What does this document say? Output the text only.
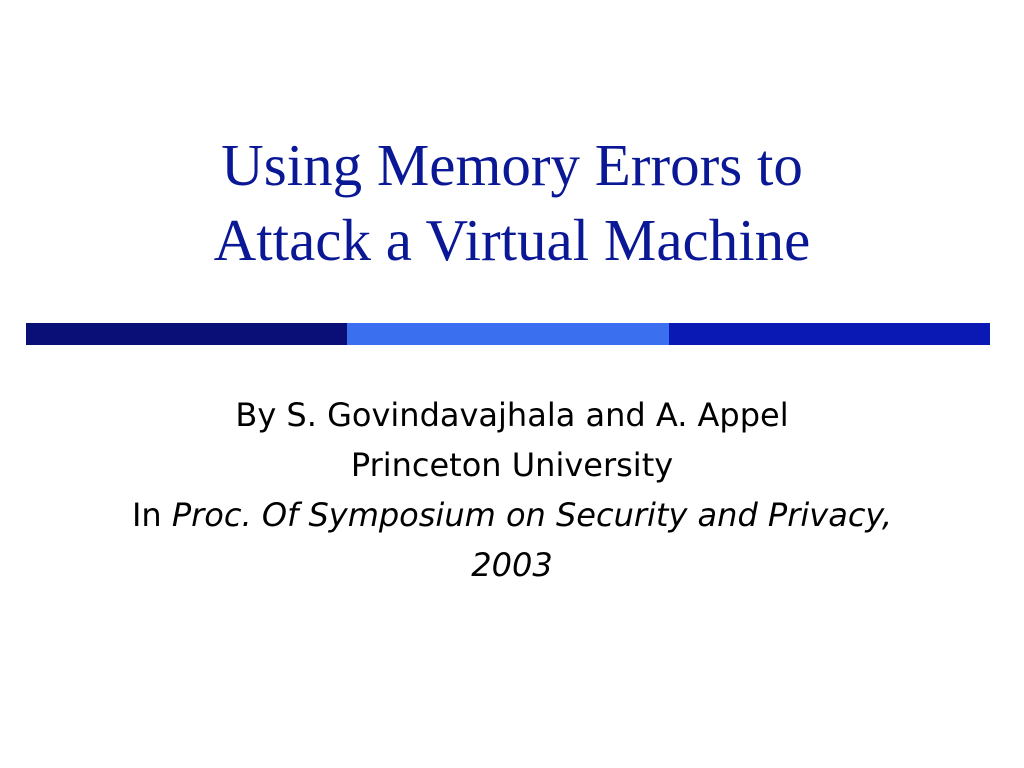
Using Memory Errors to
Attack a Virtual Machine

By S. Govindavajhala and A. Appel

Princeton University

In Proc. Of Symposium on Security and Privacy, 2003
